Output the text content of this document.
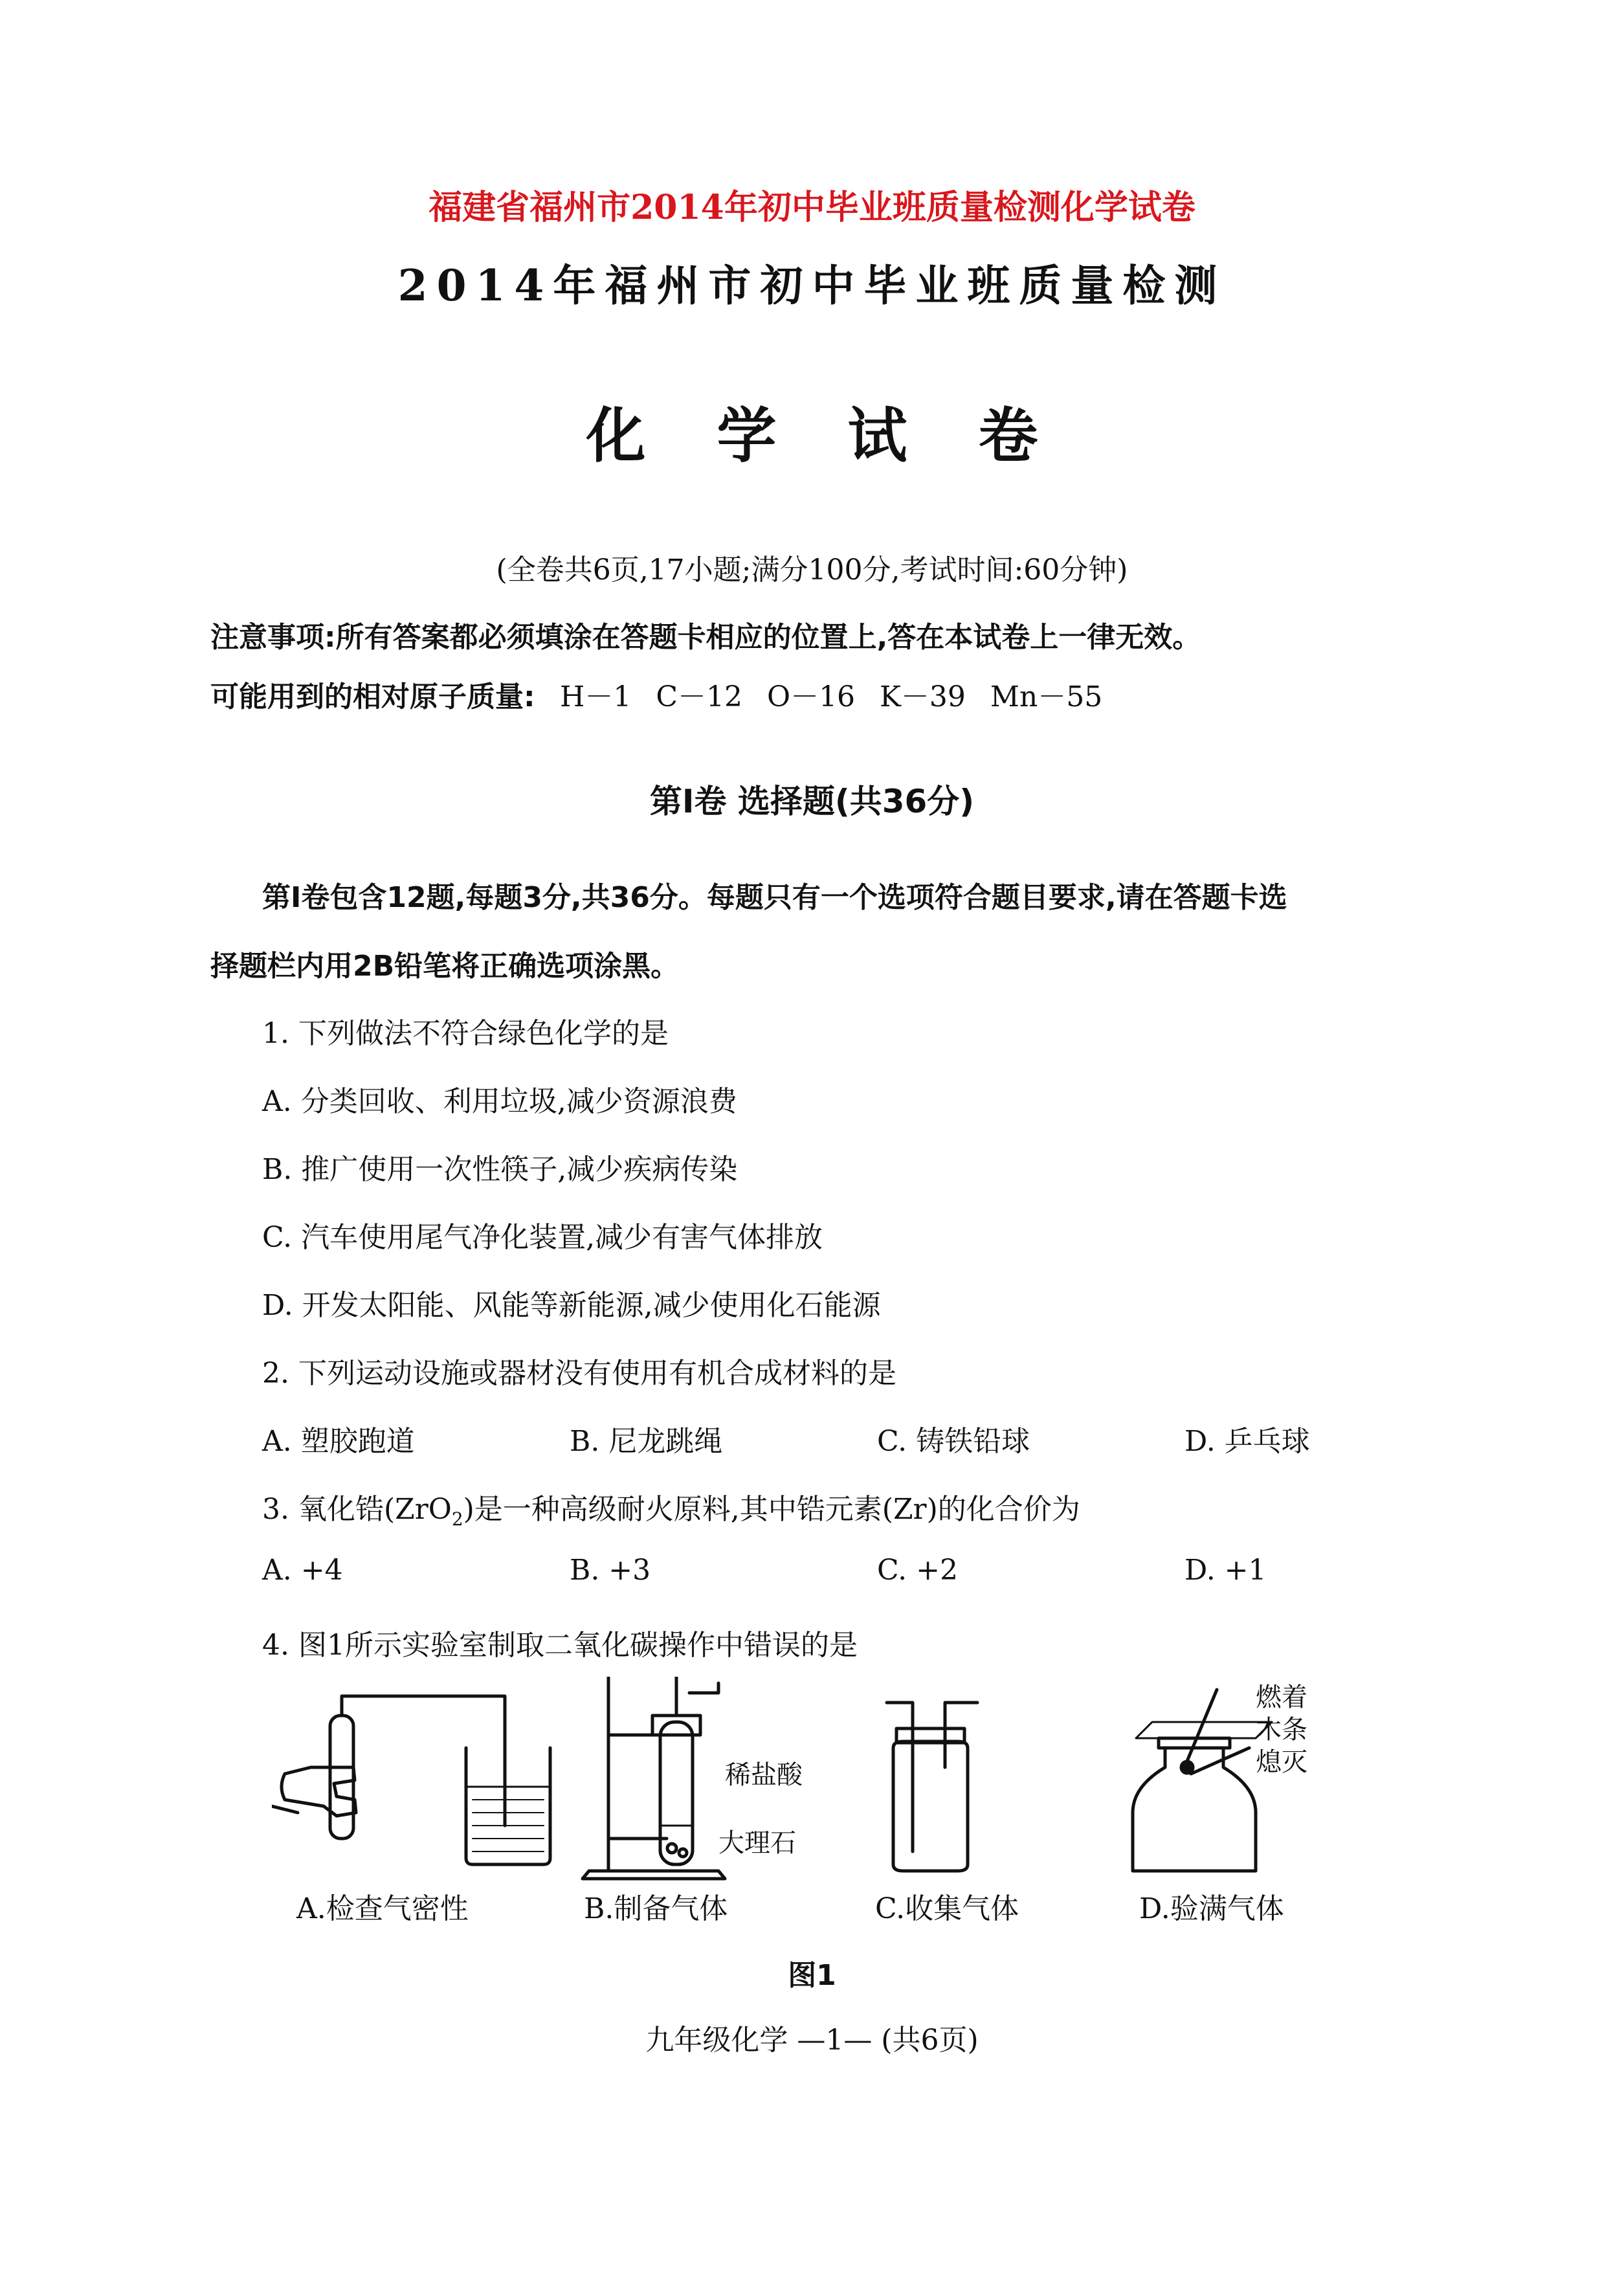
福建省福州市2014年初中毕业班质量检测化学试卷
2014年福州市初中毕业班质量检测
化学试卷
(全卷共6页,17小题;满分100分,考试时间:60分钟)
注意事项:所有答案都必须填涂在答题卡相应的位置上,答在本试卷上一律无效。
可能用到的相对原子质量: H－1 C－12 O－16 K－39 Mn－55
第Ⅰ卷 选择题(共36分)
第Ⅰ卷包含12题,每题3分,共36分。每题只有一个选项符合题目要求,请在答题卡选
择题栏内用2B铅笔将正确选项涂黑。
1. 下列做法不符合绿色化学的是
A. 分类回收、利用垃圾,减少资源浪费
B. 推广使用一次性筷子,减少疾病传染
C. 汽车使用尾气净化装置,减少有害气体排放
D. 开发太阳能、风能等新能源,减少使用化石能源
2. 下列运动设施或器材没有使用有机合成材料的是
A. 塑胶跑道	B. 尼龙跳绳	C. 铸铁铅球	D. 乒乓球
3. 氧化锆(ZrO$_2$)是一种高级耐火原料,其中锆元素(Zr)的化合价为
A. +4	B. +3	C. +2	D. +1
4. 图1所示实验室制取二氧化碳操作中错误的是
稀盐酸
大理石
燃着
木条
熄灭
A.检查气密性	B.制备气体	C.收集气体	D.验满气体
图1
九年级化学 —1— (共6页)
